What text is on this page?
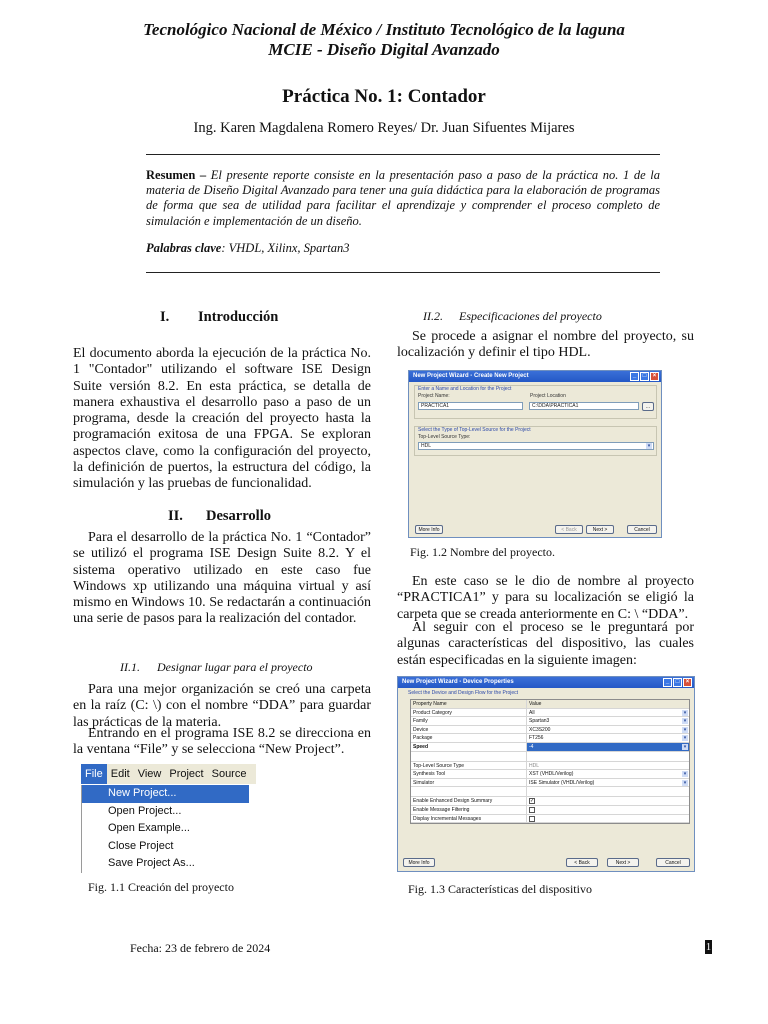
Tecnológico Nacional de México / Instituto Tecnológico de la laguna
MCIE - Diseño Digital Avanzado
Práctica No. 1: Contador
Ing. Karen Magdalena Romero Reyes/ Dr. Juan Sifuentes Mijares
Resumen – El presente reporte consiste en la presentación paso a paso de la práctica no. 1 de la materia de Diseño Digital Avanzado para tener una guía didáctica para la elaboración de programas de forma que sea de utilidad para facilitar el aprendizaje y comprender el proceso completo de simulación e implementación de un diseño.
Palabras clave: VHDL, Xilinx, Spartan3
I. Introducción
El documento aborda la ejecución de la práctica No. 1 "Contador" utilizando el software ISE Design Suite versión 8.2. En esta práctica, se detalla de manera exhaustiva el desarrollo paso a paso de un programa, desde la creación del proyecto hasta la programación exitosa de una FPGA. Se exploran aspectos clave, como la configuración del proyecto, la definición de puertos, la estructura del código, la simulación y las pruebas de funcionalidad.
II. Desarrollo
Para el desarrollo de la práctica No. 1 “Contador” se utilizó el programa ISE Design Suite 8.2. Y el sistema operativo utilizado en este caso fue Windows xp utilizando una máquina virtual y así mismo en Windows 10. Se redactarán a continuación una serie de pasos para la realización del contador.
II.1. Designar lugar para el proyecto
Para una mejor organización se creó una carpeta en la raíz (C: \) con el nombre “DDA” para guardar las prácticas de la materia.
Entrando en el programa ISE 8.2 se direcciona en la ventana “File” y se selecciona “New Project”.
File Edit View Project Source
New Project...
Open Project...
Open Example...
Close Project
Save Project As...
Fig. 1.1 Creación del proyecto
II.2. Especificaciones del proyecto
Se procede a asignar el nombre del proyecto, su localización y definir el tipo HDL.
New Project Wizard - Create New Project	_	□	×
Enter a Name and Location for the Project
Project Name:	Project Location
PRACTICA1	C:\DDA\PRACTICA1	...
Select the Type of Top-Level Source for the Project
Top-Level Source Type:
HDL	▾
More Info	< Back	Next >	Cancel
Fig. 1.2 Nombre del proyecto.
En este caso se le dio de nombre al proyecto “PRACTICA1” y para su localización se eligió la carpeta que se creada anteriormente en C: \ “DDA”.
Al seguir con el proceso se le preguntará por algunas características del dispositivo, las cuales están especificadas en la siguiente imagen:
New Project Wizard - Device Properties	_	□	×
Select the Device and Design Flow for the Project
Property Name	Value
Product Category	All	▾
Family	Spartan3	▾
Device	XC3S200	▾
Package	FT256	▾
Speed	-4	▾
Top-Level Source Type	HDL
Synthesis Tool	XST (VHDL/Verilog)	▾
Simulator	ISE Simulator (VHDL/Verilog)	▾
Enable Enhanced Design Summary	✓
Enable Message Filtering
Display Incremental Messages
More Info	< Back	Next >	Cancel
Fig. 1.3 Características del dispositivo
Fecha: 23 de febrero de 2024	1
